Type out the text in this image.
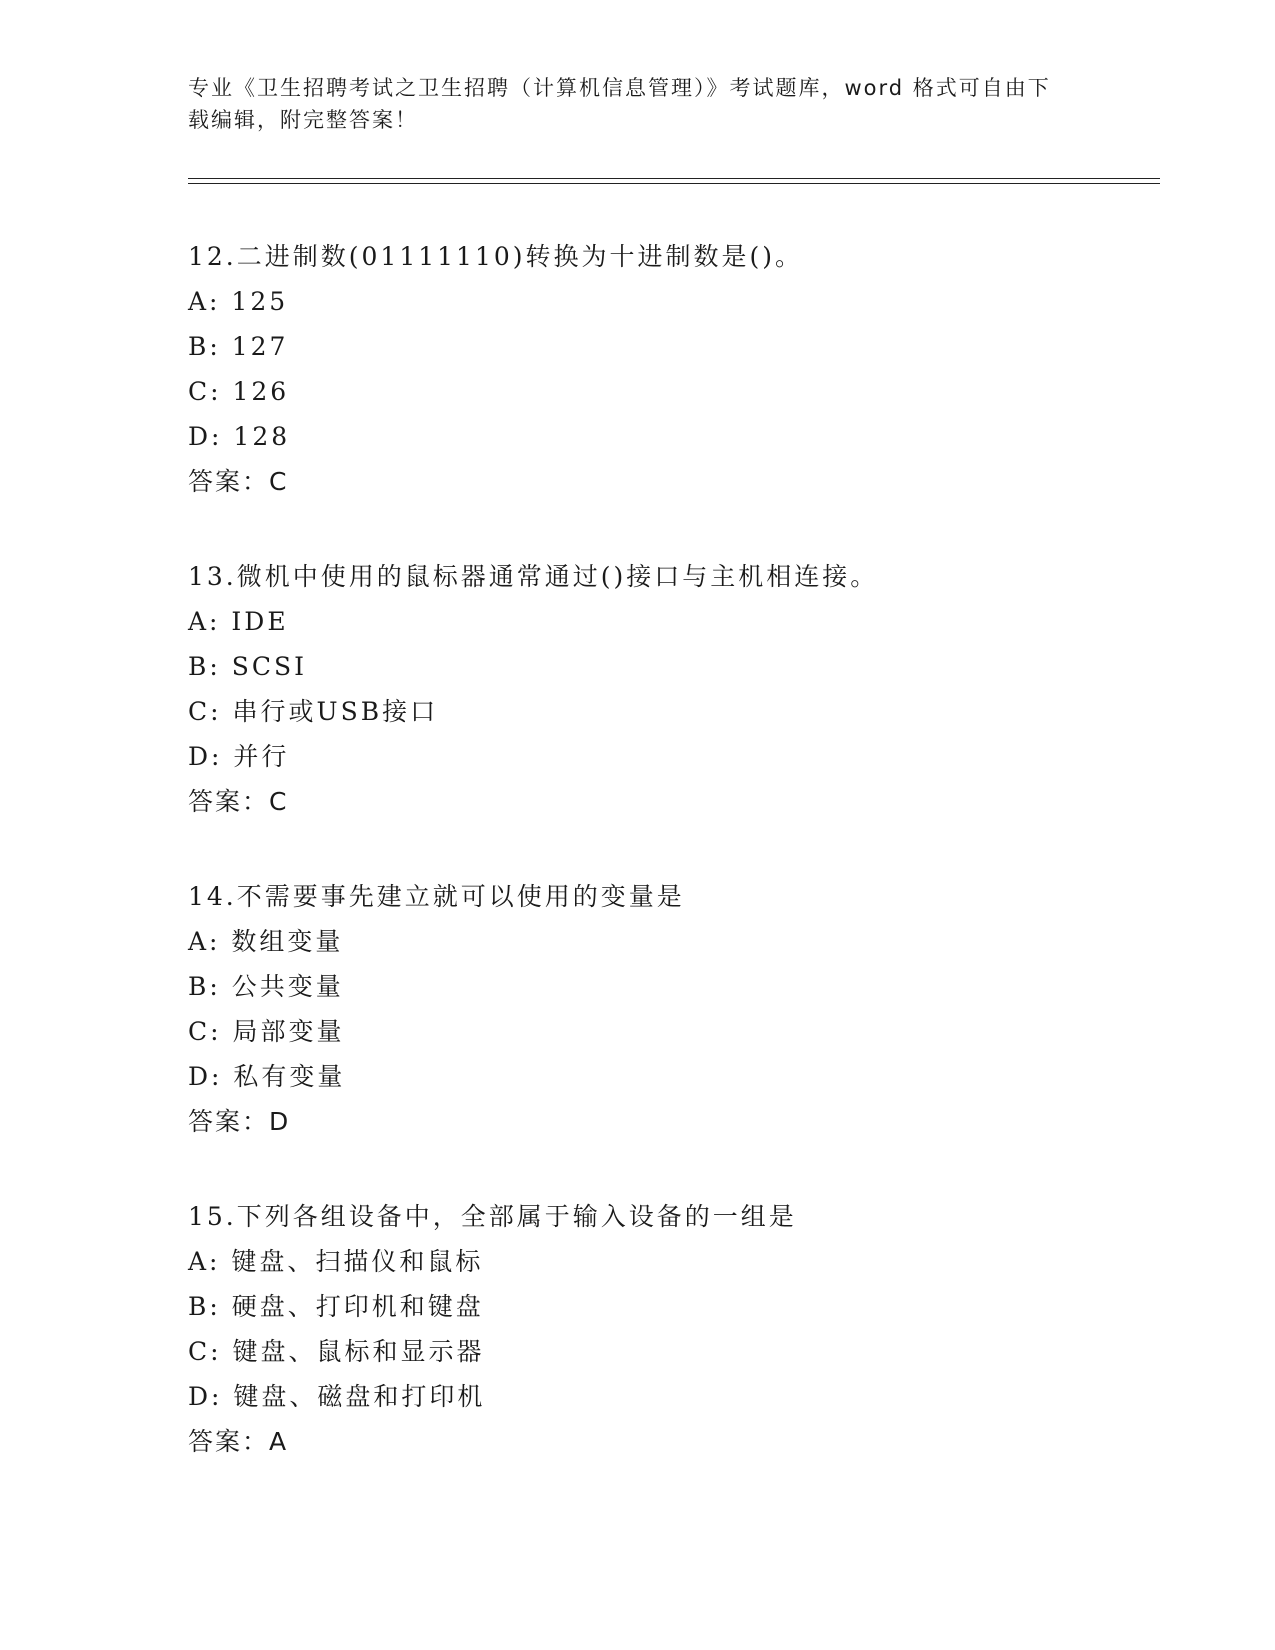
专业《卫生招聘考试之卫生招聘（计算机信息管理）》考试题库，word 格式可自由下载编辑，附完整答案！
12.二进制数(01111110)转换为十进制数是()。
A: 125
B: 127
C: 126
D: 128
答案：C
13.微机中使用的鼠标器通常通过()接口与主机相连接。
A: IDE
B: SCSI
C: 串行或USB接口
D: 并行
答案：C
14.不需要事先建立就可以使用的变量是
A: 数组变量
B: 公共变量
C: 局部变量
D: 私有变量
答案：D
15.下列各组设备中，全部属于输入设备的一组是
A: 键盘、扫描仪和鼠标
B: 硬盘、打印机和键盘
C: 键盘、鼠标和显示器
D: 键盘、磁盘和打印机
答案：A
